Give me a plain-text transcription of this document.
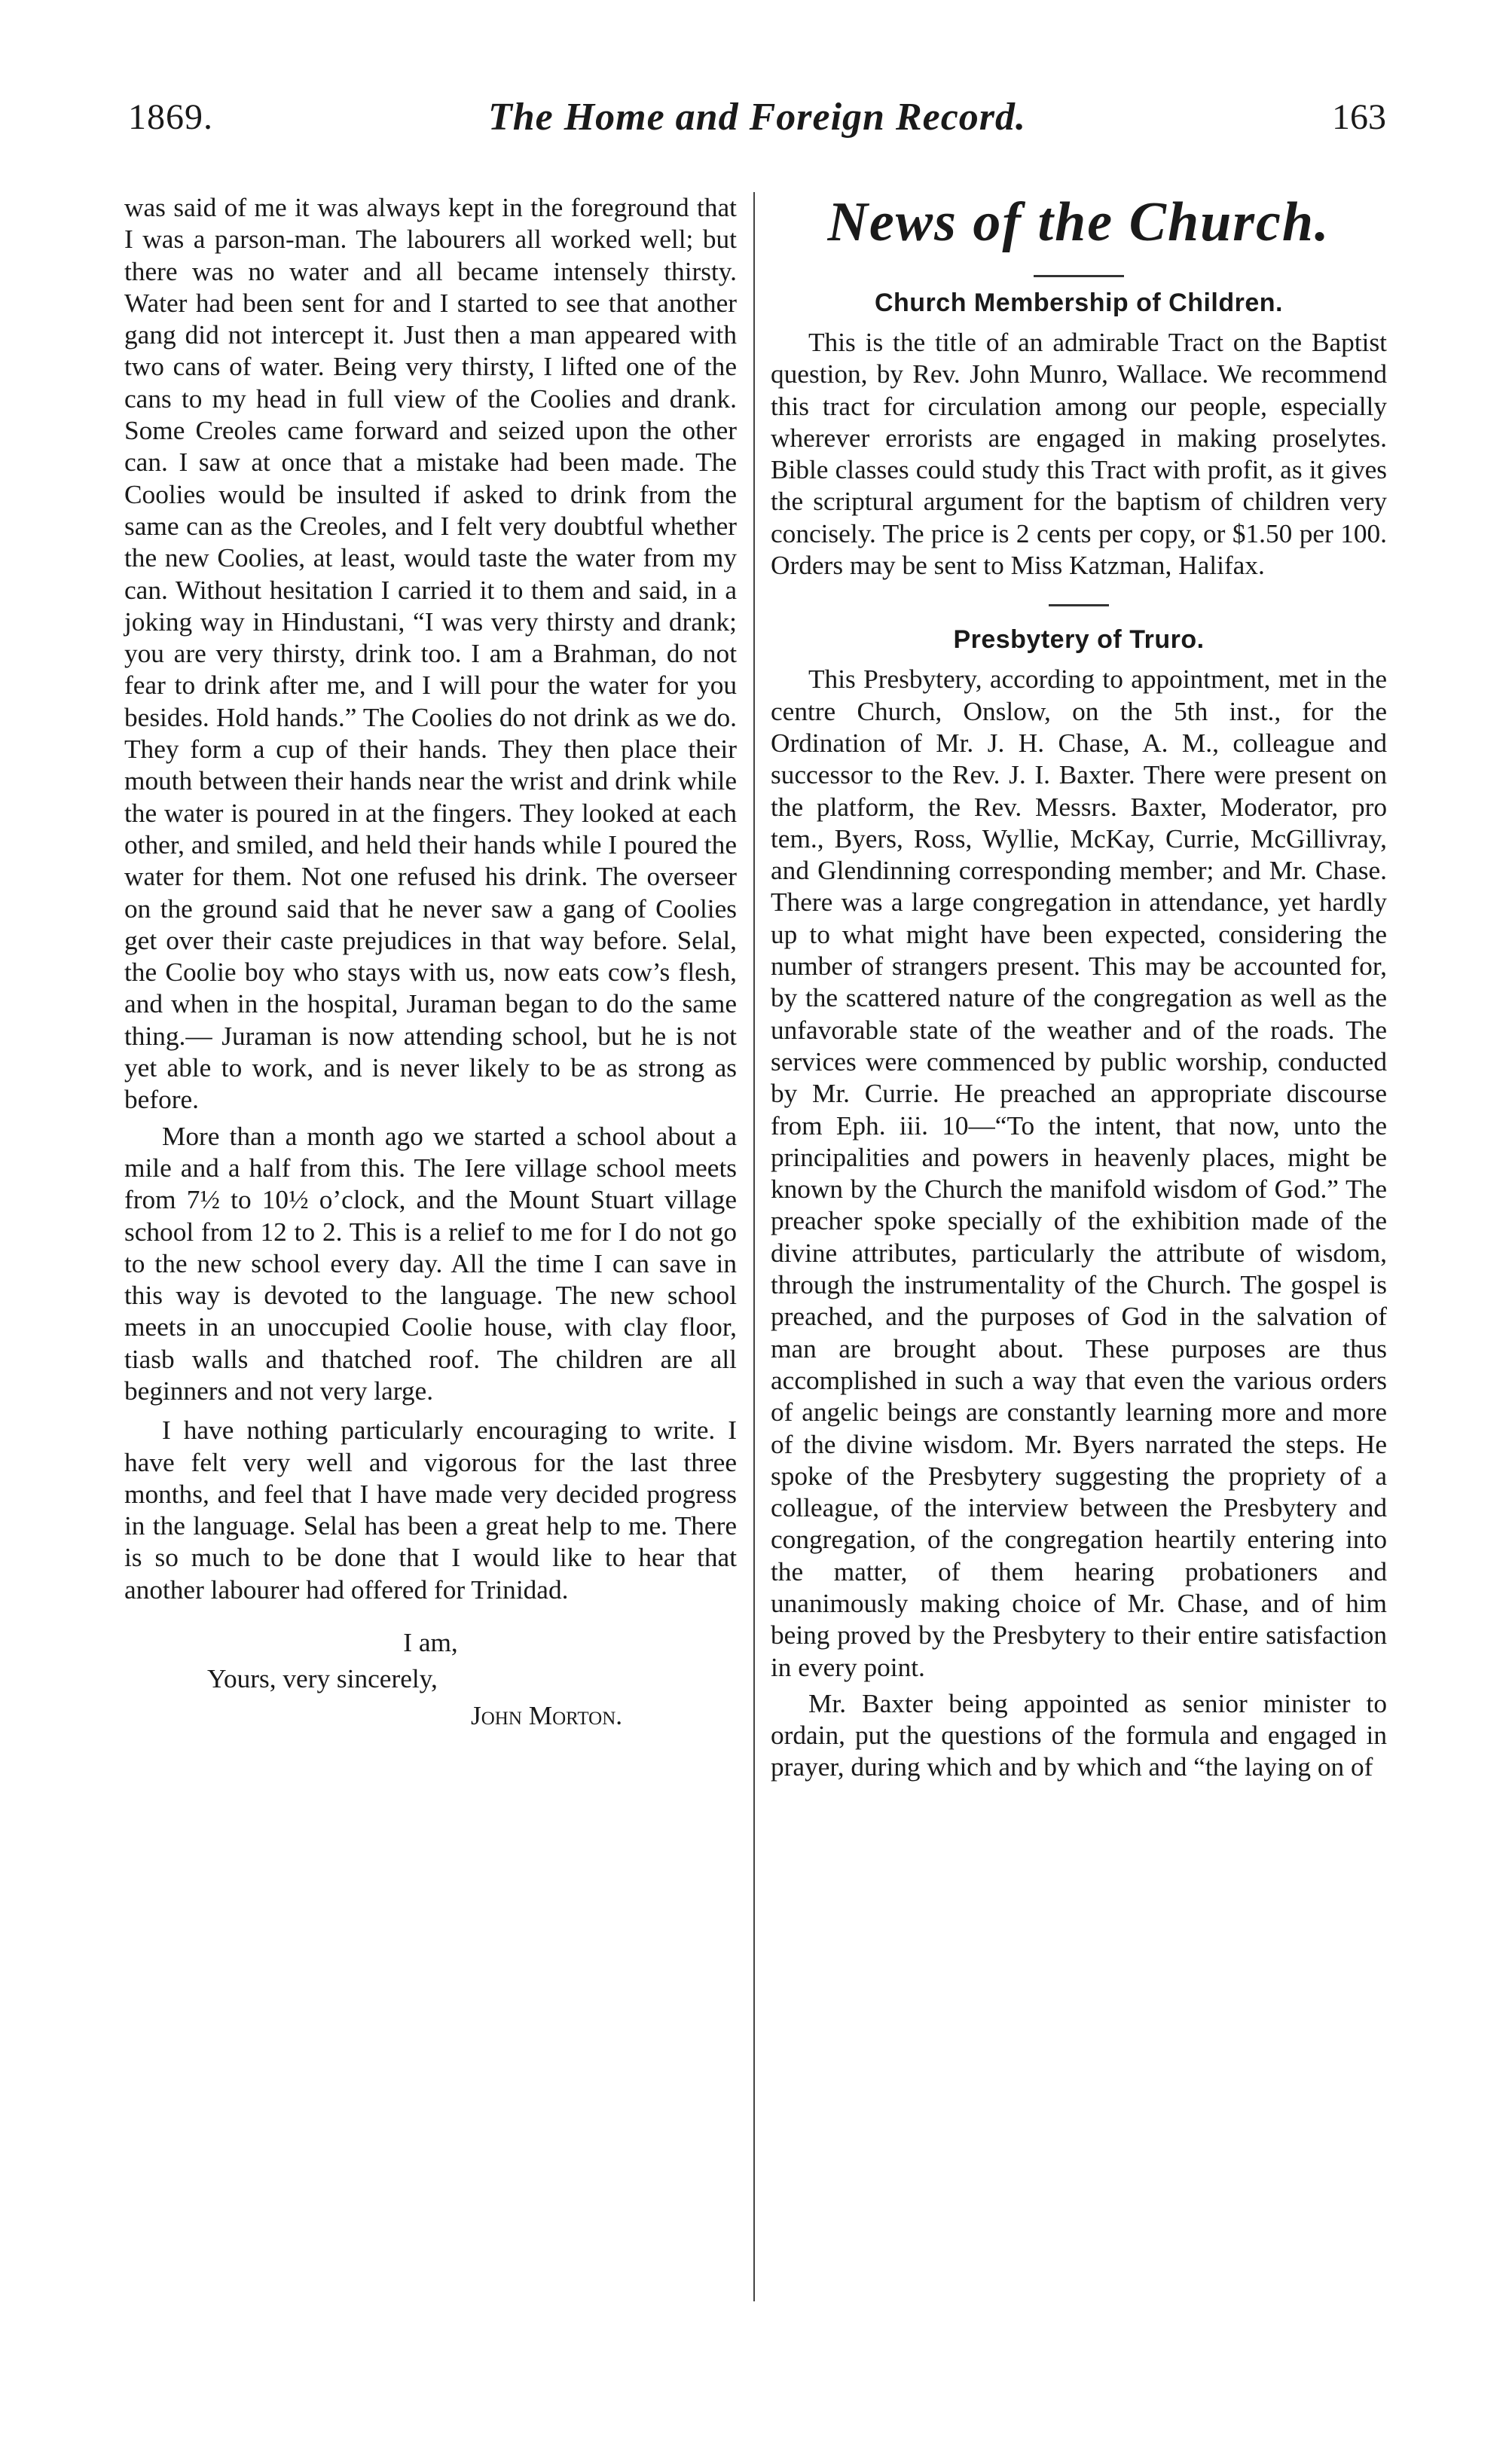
1869.	The Home and Foreign Record.	163

was said of me it was always kept in the foreground that I was a parson-man. The labourers all worked well; but there was no water and all became intensely thirsty. Water had been sent for and I started to see that another gang did not intercept it. Just then a man appeared with two cans of water. Being very thirsty, I lifted one of the cans to my head in full view of the Coolies and drank. Some Creoles came forward and seized upon the other can. I saw at once that a mistake had been made. The Coolies would be insulted if asked to drink from the same can as the Creoles, and I felt very doubtful whether the new Coolies, at least, would taste the water from my can. Without hesitation I carried it to them and said, in a joking way in Hindustani, “I was very thirsty and drank; you are very thirsty, drink too. I am a Brahman, do not fear to drink after me, and I will pour the water for you besides. Hold hands.” The Coolies do not drink as we do. They form a cup of their hands. They then place their mouth between their hands near the wrist and drink while the water is poured in at the fingers. They looked at each other, and smiled, and held their hands while I poured the water for them. Not one refused his drink. The overseer on the ground said that he never saw a gang of Coolies get over their caste prejudices in that way before. Selal, the Coolie boy who stays with us, now eats cow’s flesh, and when in the hospital, Juraman began to do the same thing.— Juraman is now attending school, but he is not yet able to work, and is never likely to be as strong as before.

More than a month ago we started a school about a mile and a half from this. The Iere village school meets from 7½ to 10½ o’clock, and the Mount Stuart village school from 12 to 2. This is a relief to me for I do not go to the new school every day. All the time I can save in this way is devoted to the language. The new school meets in an unoccupied Coolie house, with clay floor, tiasb walls and thatched roof. The children are all beginners and not very large.

I have nothing particularly encouraging to write. I have felt very well and vigorous for the last three months, and feel that I have made very decided progress in the language. Selal has been a great help to me. There is so much to be done that I would like to hear that another labourer had offered for Trinidad.

I am,
Yours, very sincerely,
John Morton.
News of the Church.
Church Membership of Children.

This is the title of an admirable Tract on the Baptist question, by Rev. John Munro, Wallace. We recommend this tract for circulation among our people, especially wherever errorists are engaged in making proselytes. Bible classes could study this Tract with profit, as it gives the scriptural argument for the baptism of children very concisely. The price is 2 cents per copy, or $1.50 per 100. Orders may be sent to Miss Katzman, Halifax.

Presbytery of Truro.

This Presbytery, according to appointment, met in the centre Church, Onslow, on the 5th inst., for the Ordination of Mr. J. H. Chase, A. M., colleague and successor to the Rev. J. I. Baxter. There were present on the platform, the Rev. Messrs. Baxter, Moderator, pro tem., Byers, Ross, Wyllie, McKay, Currie, McGillivray, and Glendinning corresponding member; and Mr. Chase. There was a large congregation in attendance, yet hardly up to what might have been expected, considering the number of strangers present. This may be accounted for, by the scattered nature of the congregation as well as the unfavorable state of the weather and of the roads. The services were commenced by public worship, conducted by Mr. Currie. He preached an appropriate discourse from Eph. iii. 10—“To the intent, that now, unto the principalities and powers in heavenly places, might be known by the Church the manifold wisdom of God.” The preacher spoke specially of the exhibition made of the divine attributes, particularly the attribute of wisdom, through the instrumentality of the Church. The gospel is preached, and the purposes of God in the salvation of man are brought about. These purposes are thus accomplished in such a way that even the various orders of angelic beings are constantly learning more and more of the divine wisdom. Mr. Byers narrated the steps. He spoke of the Presbytery suggesting the propriety of a colleague, of the interview between the Presbytery and congregation, of the congregation heartily entering into the matter, of them hearing probationers and unanimously making choice of Mr. Chase, and of him being proved by the Presbytery to their entire satisfaction in every point.

Mr. Baxter being appointed as senior minister to ordain, put the questions of the formula and engaged in prayer, during which and by which and “the laying on of
